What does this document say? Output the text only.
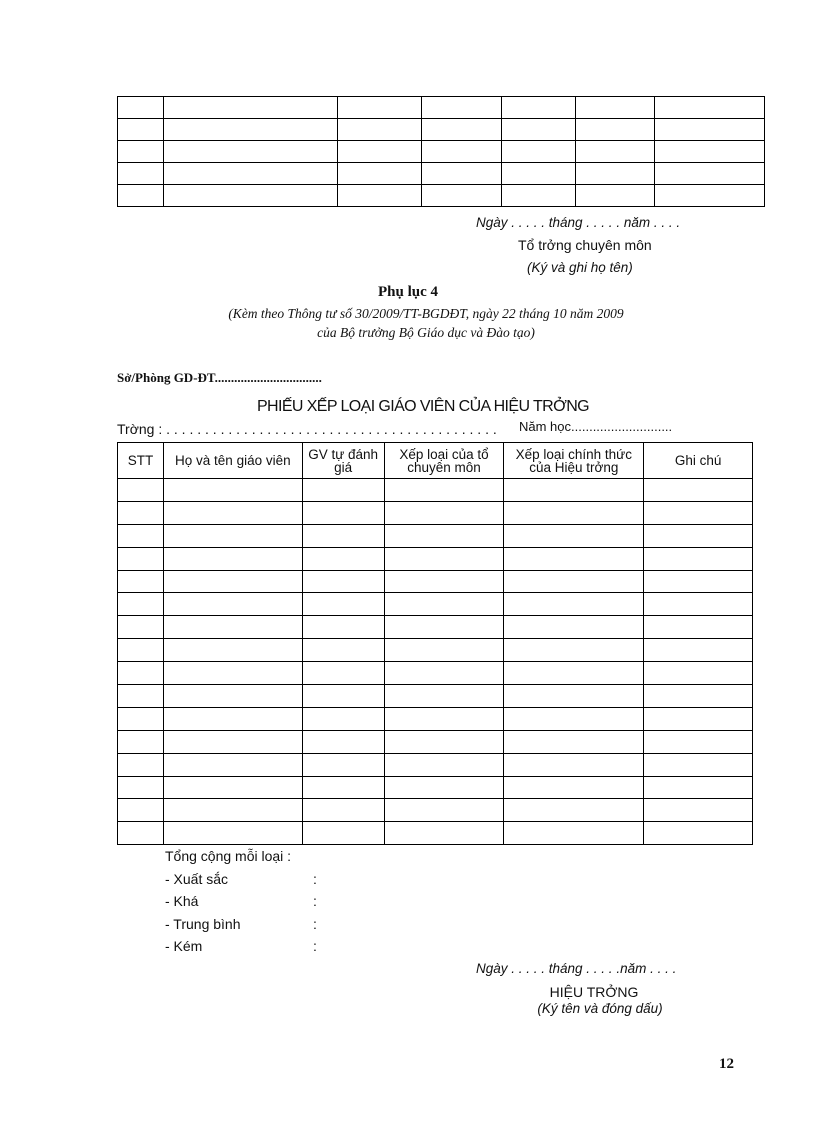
Ngày . . . . . tháng . . . . . năm . . . .
Tổ trởng chuyên môn
(Ký và ghi họ tên)
Phụ lục 4
(Kèm theo Thông tư số 30/2009/TT-BGDĐT, ngày 22 tháng 10 năm 2009
của Bộ trưởng Bộ Giáo dục và Đào tạo)
Sở/Phòng GD-ĐT.................................
PHIẾU XẾP LOẠI GIÁO VIÊN CỦA HIỆU TRỞNG
Trờng : . . . . . . . . . . . . . . . . . . . . . . . . . . . . . . . . . . . . . . . . . . . Năm học............................
STT	Họ và tên giáo viên	GV tự đánh giá	Xếp loại của tổ chuyên môn	Xếp loại chính thức của Hiệu trởng	Ghi chú

Tổng cộng mỗi loại :
- Xuất sắc	:
- Khá	:
- Trung bình	:
- Kém	:
Ngày . . . . . tháng . . . . .năm . . . .
HIỆU TRỞNG
(Ký tên và đóng dấu)
12
